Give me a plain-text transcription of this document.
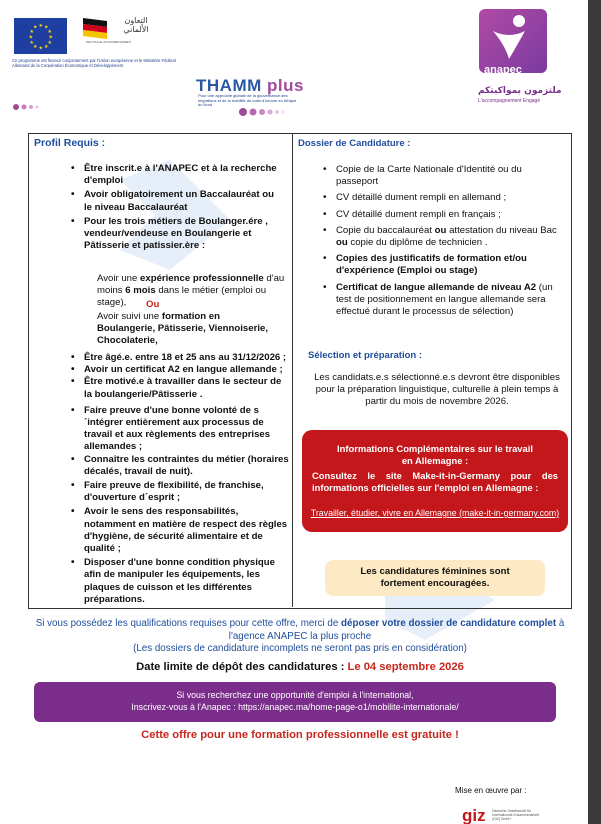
★ ★
★
★
★
★
★
★
★
★
★
★
التعاون الألماني
DEUTSCHE ZUSAMMENARBEIT
Ce programme est financé conjointement par l'Union européenne et le Ministère Fédéral Allemand de la Coopération Économique et Développement
THAMM plus
Pour une approche globale de la gouvernance des migrations et de la mobilité du main d'oeuvre en Afrique du Nord
anapec
ملتزمون بمواكبتكم
L'accompagnement Engagé
Profil Requis :
• Être inscrit.e à l'ANAPEC et à la recherche d'emploi
• Avoir obligatoirement un Baccalauréat ou le niveau Baccalauréat
• Pour les trois métiers de Boulanger.ére , vendeur/vendeuse en Boulangerie et Pâtisserie et patissier.ère :
Avoir une expérience professionnelle d'au moins 6 mois dans le métier (emploi ou stage),	Ou
Avoir suivi une formation en Boulangerie, Pâtisserie, Viennoiserie, Chocolaterie,
• Être âgé.e. entre 18 et 25 ans au 31/12/2026 ;
• Avoir un certificat A2 en langue allemande ;
• Être motivé.e à travailler dans le secteur de la boulangerie/Pâtisserie .
• Faire preuve d'une bonne volonté de s´intégrer entièrement aux processus de travail et aux règlements des entreprises allemandes ;
• Connaître les contraintes du métier (horaires décalés, travail de nuit).
• Faire preuve de flexibilité, de franchise, d'ouverture d´esprit ;
• Avoir le sens des responsabilités, notamment en matière de respect des règles d'hygiène, de sécurité alimentaire et de qualité ;
• Disposer d'une bonne condition physique afin de manipuler les équipements, les plaques de cuisson et les différentes préparations.
Dossier de Candidature :
• Copie de la Carte Nationale d'Identité ou du passeport
• CV détaillé dument rempli en allemand ;
• CV détaillé dument rempli en français ;
• Copie du baccalauréat ou attestation du niveau Bac ou copie du diplôme de technicien .
• Copies des justificatifs de formation et/ou d'expérience (Emploi ou stage)
• Certificat de langue allemande de niveau A2 (un test de positionnement en langue allemande sera effectué durant le processus de sélection)
Sélection et préparation :
Les candidats.e.s sélectionné.e.s devront être disponibles pour la préparation linguistique, culturelle à plein temps à partir du mois de novembre 2026.
Informations Complémentaires sur le travail en Allemagne :
Consultez le site Make-it-in-Germany pour des informations officielles sur l'emploi en Allemagne :
Travailler, étudier, vivre en Allemagne (make-it-in-germany.com)
Les candidatures féminines sont fortement encouragées.
Si vous possédez les qualifications requises pour cette offre, merci de déposer votre dossier de candidature complet à l'agence ANAPEC la plus proche
(Les dossiers de candidature incomplets ne seront pas pris en considération)
Date limite de dépôt des candidatures : Le 04 septembre 2026
Si vous recherchez une opportunité d'emploi à l'international,
Inscrivez-vous à l'Anapec : https://anapec.ma/home-page-o1/mobilite-internationale/
Cette offre pour une formation professionnelle est gratuite !
Mise en œuvre par :
giz Deutsche Gesellschaft für Internationale Zusammenarbeit (GIZ) GmbH
